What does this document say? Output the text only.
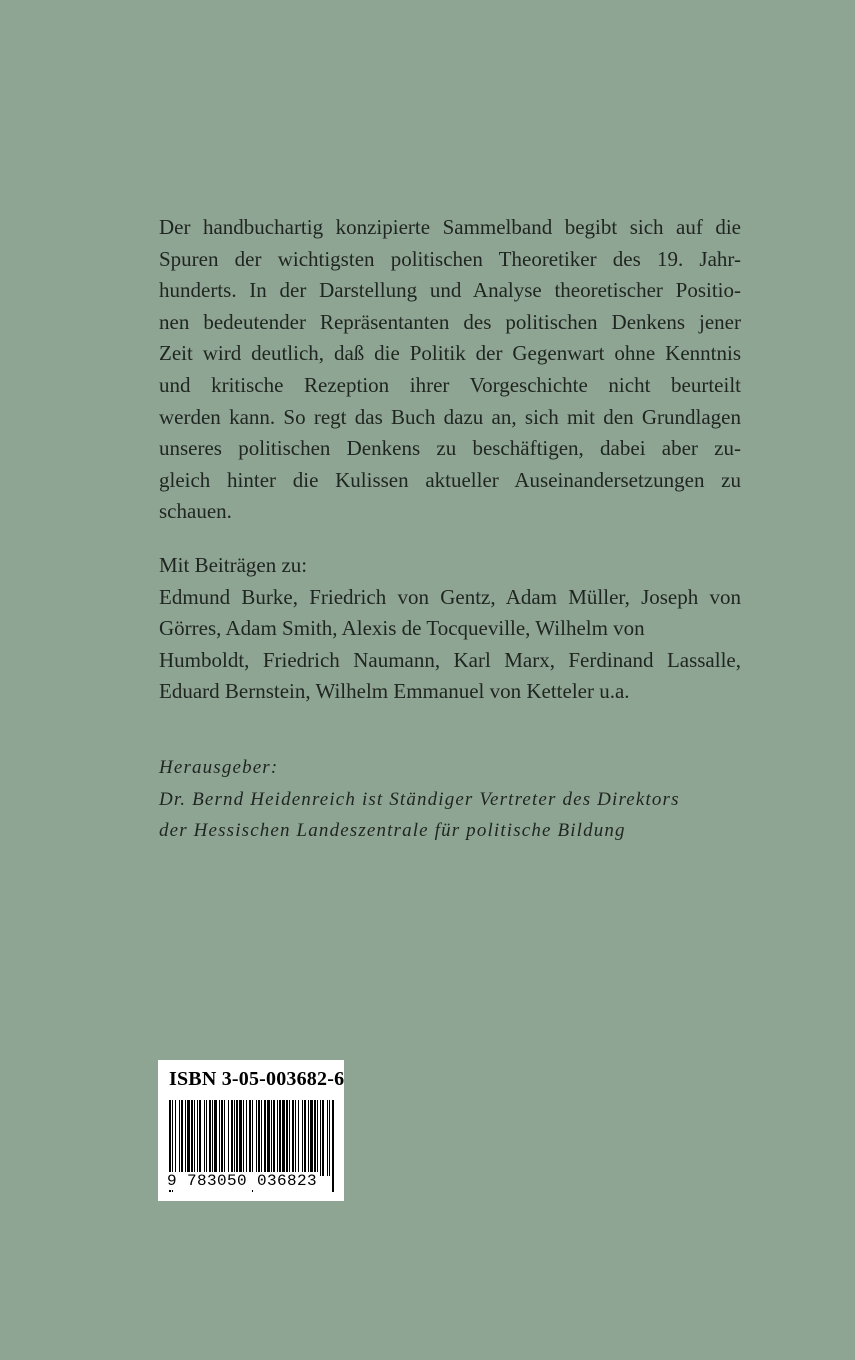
Der handbuchartig konzipierte Sammelband begibt sich auf die
Spuren der wichtigsten politischen Theoretiker des 19. Jahr-
hunderts. In der Darstellung und Analyse theoretischer Positio-
nen bedeutender Repräsentanten des politischen Denkens jener
Zeit wird deutlich, daß die Politik der Gegenwart ohne Kenntnis
und kritische Rezeption ihrer Vorgeschichte nicht beurteilt
werden kann. So regt das Buch dazu an, sich mit den Grundlagen
unseres politischen Denkens zu beschäftigen, dabei aber zu-
gleich hinter die Kulissen aktueller Auseinandersetzungen zu
schauen.
Mit Beiträgen zu:
Edmund Burke, Friedrich von Gentz, Adam Müller, Joseph von
Görres, Adam Smith, Alexis de Tocqueville, Wilhelm von
Humboldt, Friedrich Naumann, Karl Marx, Ferdinand Lassalle,
Eduard Bernstein, Wilhelm Emmanuel von Ketteler u.a.
Herausgeber:
Dr. Bernd Heidenreich ist Ständiger Vertreter des Direktors
der Hessischen Landeszentrale für politische Bildung
ISBN 3-05-003682-6
9 783050 036823
